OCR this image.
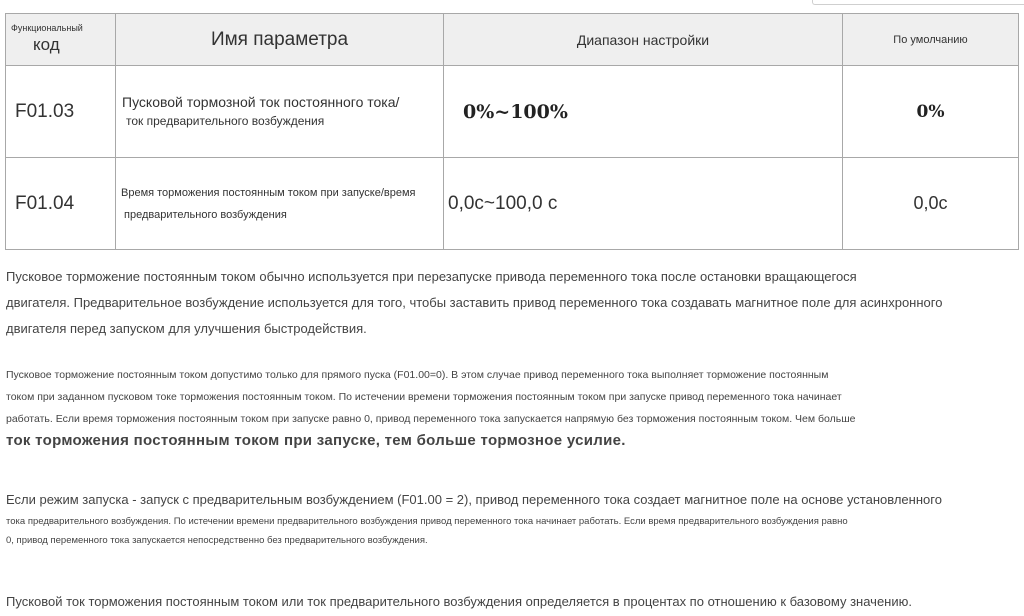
Функциональный
код	Имя параметра	Диапазон настройки	По умолчанию
F01.03	Пусковой тормозной ток постоянного тока/
ток предварительного возбуждения	0%~100%	0%
F01.04	Время торможения постоянным током при запуске/время
предварительного возбуждения	0,0с~100,0 с	0,0с

Пусковое торможение постоянным током обычно используется при перезапуске привода переменного тока после остановки вращающегося
двигателя. Предварительное возбуждение используется для того, чтобы заставить привод переменного тока создавать магнитное поле для асинхронного
двигателя перед запуском для улучшения быстродействия.

Пусковое торможение постоянным током допустимо только для прямого пуска (F01.00=0). В этом случае привод переменного тока выполняет торможение постоянным
током при заданном пусковом токе торможения постоянным током. По истечении времени торможения постоянным током при запуске привод переменного тока начинает
работать. Если время торможения постоянным током при запуске равно 0, привод переменного тока запускается напрямую без торможения постоянным током. Чем больше
ток торможения постоянным током при запуске, тем больше тормозное усилие.

Если режим запуска - запуск с предварительным возбуждением (F01.00 = 2), привод переменного тока создает магнитное поле на основе установленного
тока предварительного возбуждения. По истечении времени предварительного возбуждения привод переменного тока начинает работать. Если время предварительного возбуждения равно
0, привод переменного тока запускается непосредственно без предварительного возбуждения.

Пусковой ток торможения постоянным током или ток предварительного возбуждения определяется в процентах по отношению к базовому значению.
